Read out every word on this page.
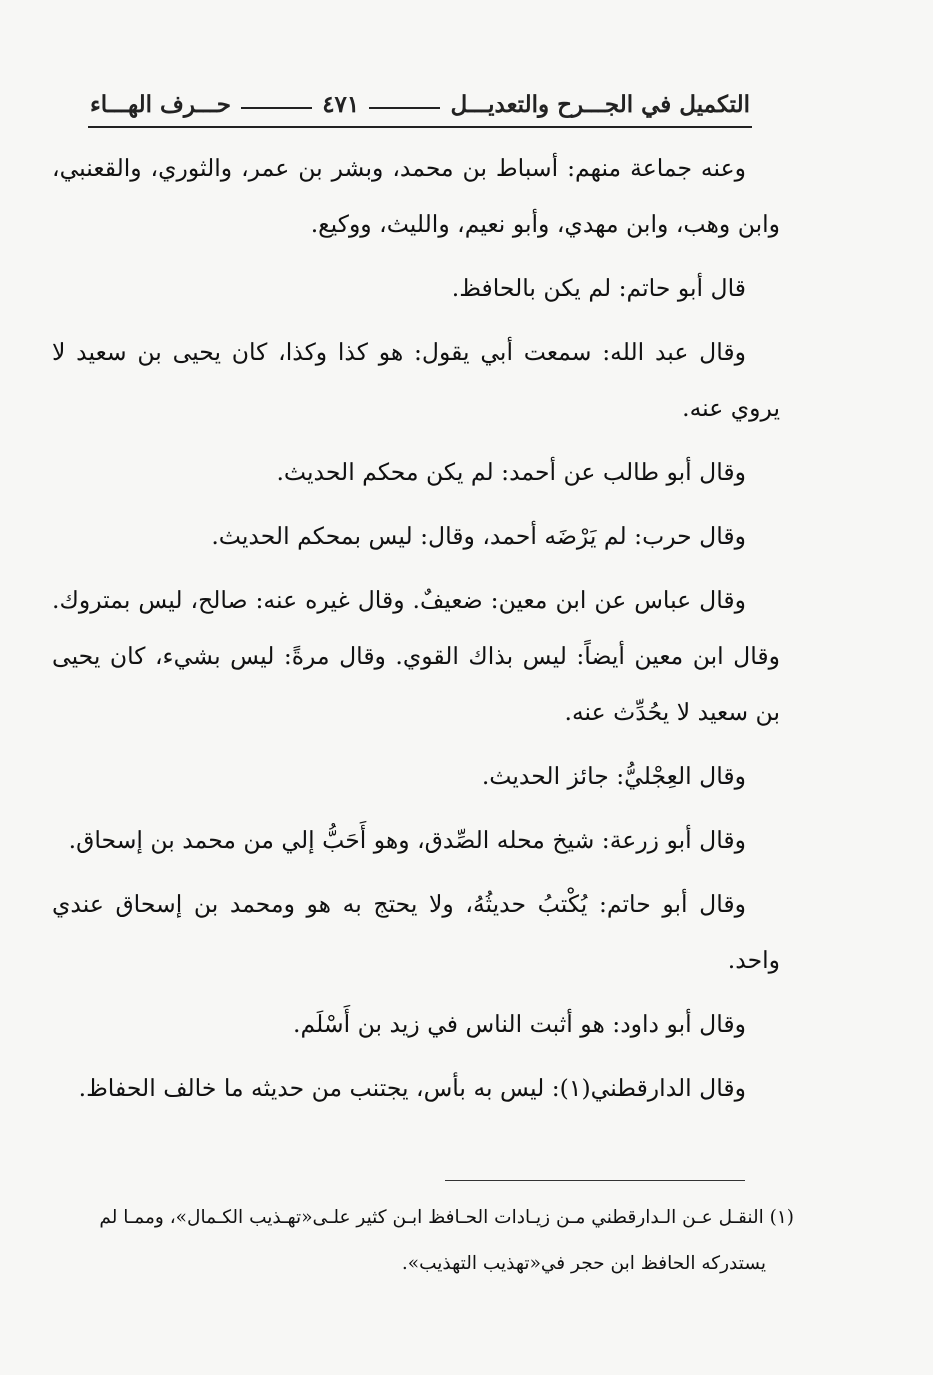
التكميل في الجـــرح والتعديـــل
٤٧١
حـــرف الهـــاء

وعنه جماعة منهم: أسباط بن محمد، وبشر بن عمر، والثوري، والقعنبي، وابن وهب، وابن مهدي، وأبو نعيم، والليث، ووكيع.

قال أبو حاتم: لم يكن بالحافظ.

وقال عبد الله: سمعت أبي يقول: هو كذا وكذا، كان يحيى بن سعيد لا يروي عنه.

وقال أبو طالب عن أحمد: لم يكن محكم الحديث.

وقال حرب: لم يَرْضَه أحمد، وقال: ليس بمحكم الحديث.

وقال عباس عن ابن معين: ضعيفٌ. وقال غيره عنه: صالح، ليس بمتروك. وقال ابن معين أيضاً: ليس بذاك القوي. وقال مرةً: ليس بشيء، كان يحيى بن سعيد لا يحُدِّث عنه.

وقال العِجْليُّ: جائز الحديث.

وقال أبو زرعة: شيخ محله الصِّدق، وهو أَحَبُّ إلي من محمد بن إسحاق.

وقال أبو حاتم: يُكْتبُ حديثُهُ، ولا يحتج به هو ومحمد بن إسحاق عندي واحد.

وقال أبو داود: هو أثبت الناس في زيد بن أَسْلَم.

وقال الدارقطني(١): ليس به بأس، يجتنب من حديثه ما خالف الحفاظ.

(١) النقـل عـن الـدارقطني مـن زيـادات الحـافظ ابـن كثير علـى«تهـذيب الكـمال»، وممـا لم

يستدركه الحافظ ابن حجر في«تهذيب التهذيب».
